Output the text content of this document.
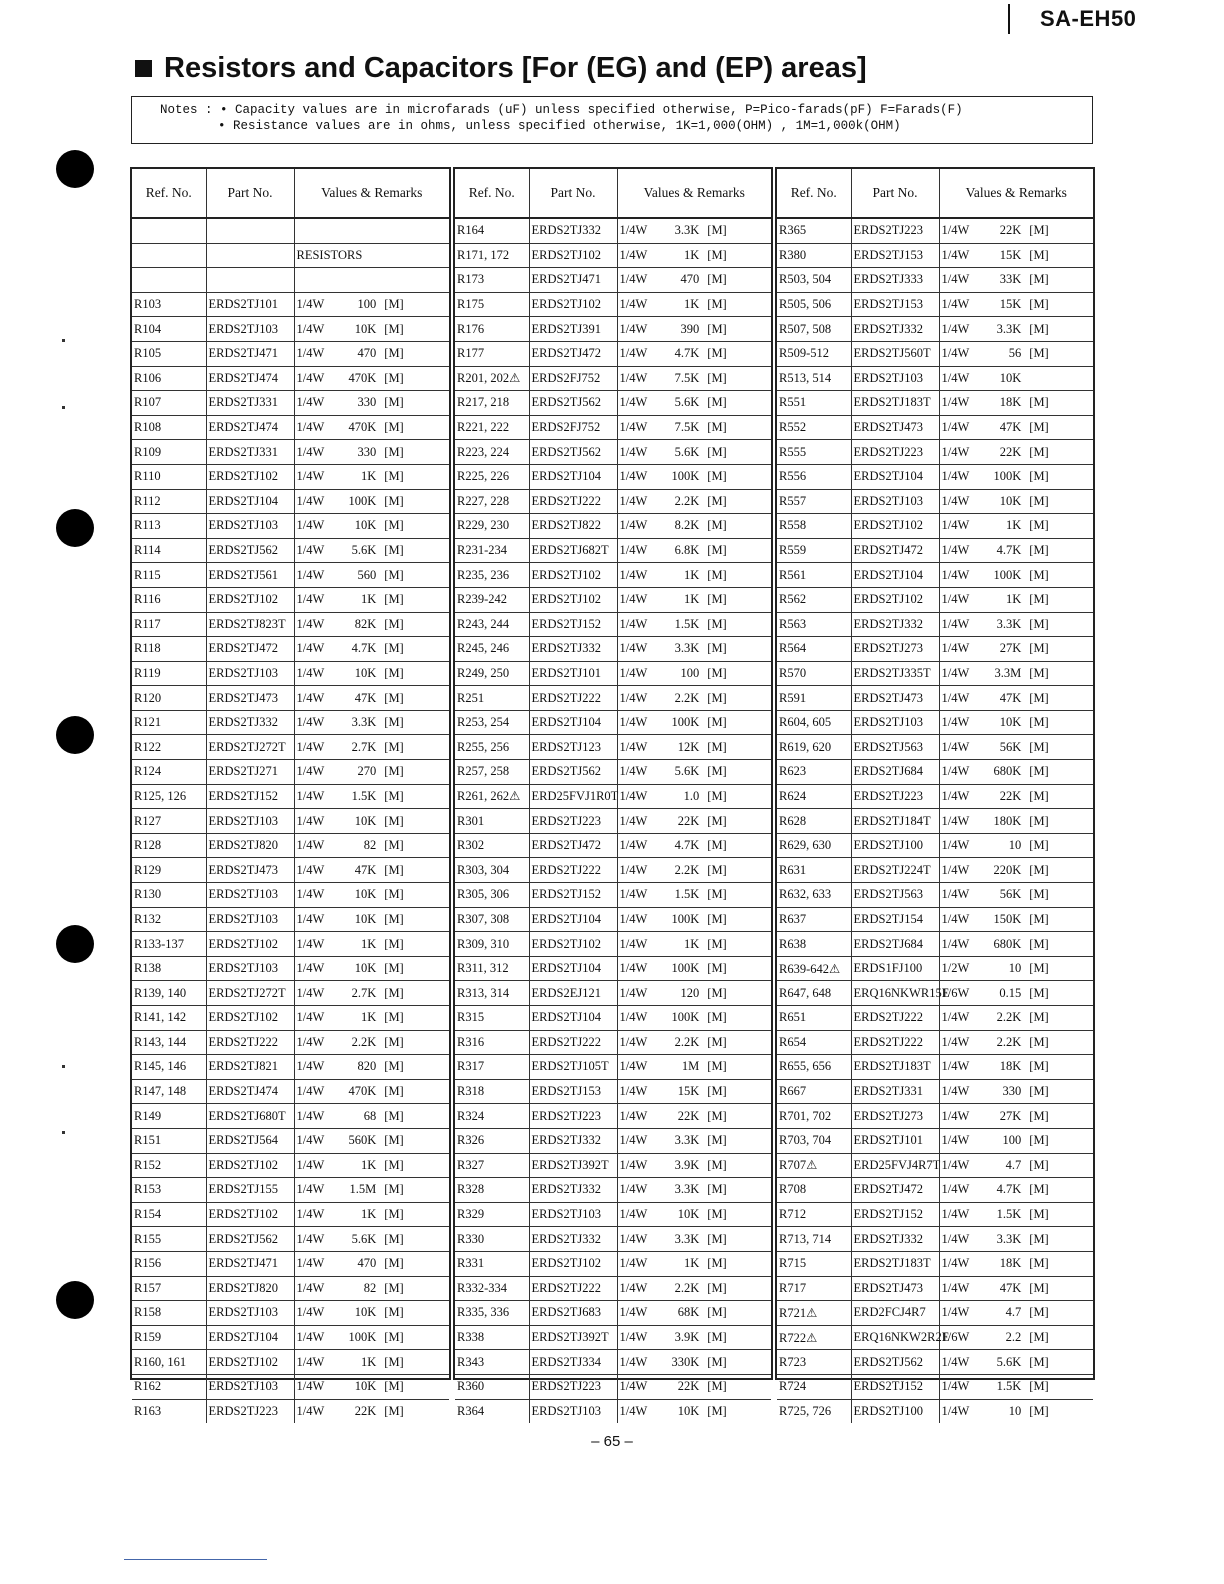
SA-EH50
Resistors and Capacitors [For (EG) and (EP) areas]
Notes : • Capacity values are in microfarads (uF) unless specified otherwise, P=Pico-farads(pF) F=Farads(F)
• Resistance values are in ohms, unless specified otherwise, 1K=1,000(OHM) , 1M=1,000k(OHM)
Ref. No.	Part No.	Values & Remarks

		RESISTORS

R103	ERDS2TJ101	1/4W 100 [M]
R104	ERDS2TJ103	1/4W 10K [M]
R105	ERDS2TJ471	1/4W 470 [M]
R106	ERDS2TJ474	1/4W 470K [M]
R107	ERDS2TJ331	1/4W 330 [M]
R108	ERDS2TJ474	1/4W 470K [M]
R109	ERDS2TJ331	1/4W 330 [M]
R110	ERDS2TJ102	1/4W 1K [M]
R112	ERDS2TJ104	1/4W 100K [M]
R113	ERDS2TJ103	1/4W 10K [M]
R114	ERDS2TJ562	1/4W 5.6K [M]
R115	ERDS2TJ561	1/4W 560 [M]
R116	ERDS2TJ102	1/4W 1K [M]
R117	ERDS2TJ823T	1/4W 82K [M]
R118	ERDS2TJ472	1/4W 4.7K [M]
R119	ERDS2TJ103	1/4W 10K [M]
R120	ERDS2TJ473	1/4W 47K [M]
R121	ERDS2TJ332	1/4W 3.3K [M]
R122	ERDS2TJ272T	1/4W 2.7K [M]
R124	ERDS2TJ271	1/4W 270 [M]
R125, 126	ERDS2TJ152	1/4W 1.5K [M]
R127	ERDS2TJ103	1/4W 10K [M]
R128	ERDS2TJ820	1/4W 82 [M]
R129	ERDS2TJ473	1/4W 47K [M]
R130	ERDS2TJ103	1/4W 10K [M]
R132	ERDS2TJ103	1/4W 10K [M]
R133-137	ERDS2TJ102	1/4W 1K [M]
R138	ERDS2TJ103	1/4W 10K [M]
R139, 140	ERDS2TJ272T	1/4W 2.7K [M]
R141, 142	ERDS2TJ102	1/4W 1K [M]
R143, 144	ERDS2TJ222	1/4W 2.2K [M]
R145, 146	ERDS2TJ821	1/4W 820 [M]
R147, 148	ERDS2TJ474	1/4W 470K [M]
R149	ERDS2TJ680T	1/4W 68 [M]
R151	ERDS2TJ564	1/4W 560K [M]
R152	ERDS2TJ102	1/4W 1K [M]
R153	ERDS2TJ155	1/4W 1.5M [M]
R154	ERDS2TJ102	1/4W 1K [M]
R155	ERDS2TJ562	1/4W 5.6K [M]
R156	ERDS2TJ471	1/4W 470 [M]
R157	ERDS2TJ820	1/4W 82 [M]
R158	ERDS2TJ103	1/4W 10K [M]
R159	ERDS2TJ104	1/4W 100K [M]
R160, 161	ERDS2TJ102	1/4W 1K [M]
R162	ERDS2TJ103	1/4W 10K [M]
R163	ERDS2TJ223	1/4W 22K [M]
Ref. No.	Part No.	Values & Remarks
R164	ERDS2TJ332	1/4W 3.3K [M]
R171, 172	ERDS2TJ102	1/4W 1K [M]
R173	ERDS2TJ471	1/4W 470 [M]
R175	ERDS2TJ102	1/4W 1K [M]
R176	ERDS2TJ391	1/4W 390 [M]
R177	ERDS2TJ472	1/4W 4.7K [M]
R201, 202⚠	ERDS2FJ752	1/4W 7.5K [M]
R217, 218	ERDS2TJ562	1/4W 5.6K [M]
R221, 222	ERDS2FJ752	1/4W 7.5K [M]
R223, 224	ERDS2TJ562	1/4W 5.6K [M]
R225, 226	ERDS2TJ104	1/4W 100K [M]
R227, 228	ERDS2TJ222	1/4W 2.2K [M]
R229, 230	ERDS2TJ822	1/4W 8.2K [M]
R231-234	ERDS2TJ682T	1/4W 6.8K [M]
R235, 236	ERDS2TJ102	1/4W 1K [M]
R239-242	ERDS2TJ102	1/4W 1K [M]
R243, 244	ERDS2TJ152	1/4W 1.5K [M]
R245, 246	ERDS2TJ332	1/4W 3.3K [M]
R249, 250	ERDS2TJ101	1/4W 100 [M]
R251	ERDS2TJ222	1/4W 2.2K [M]
R253, 254	ERDS2TJ104	1/4W 100K [M]
R255, 256	ERDS2TJ123	1/4W 12K [M]
R257, 258	ERDS2TJ562	1/4W 5.6K [M]
R261, 262⚠	ERD25FVJ1R0T	1/4W 1.0 [M]
R301	ERDS2TJ223	1/4W 22K [M]
R302	ERDS2TJ472	1/4W 4.7K [M]
R303, 304	ERDS2TJ222	1/4W 2.2K [M]
R305, 306	ERDS2TJ152	1/4W 1.5K [M]
R307, 308	ERDS2TJ104	1/4W 100K [M]
R309, 310	ERDS2TJ102	1/4W 1K [M]
R311, 312	ERDS2TJ104	1/4W 100K [M]
R313, 314	ERDS2EJ121	1/4W 120 [M]
R315	ERDS2TJ104	1/4W 100K [M]
R316	ERDS2TJ222	1/4W 2.2K [M]
R317	ERDS2TJ105T	1/4W 1M [M]
R318	ERDS2TJ153	1/4W 15K [M]
R324	ERDS2TJ223	1/4W 22K [M]
R326	ERDS2TJ332	1/4W 3.3K [M]
R327	ERDS2TJ392T	1/4W 3.9K [M]
R328	ERDS2TJ332	1/4W 3.3K [M]
R329	ERDS2TJ103	1/4W 10K [M]
R330	ERDS2TJ332	1/4W 3.3K [M]
R331	ERDS2TJ102	1/4W 1K [M]
R332-334	ERDS2TJ222	1/4W 2.2K [M]
R335, 336	ERDS2TJ683	1/4W 68K [M]
R338	ERDS2TJ392T	1/4W 3.9K [M]
R343	ERDS2TJ334	1/4W 330K [M]
R360	ERDS2TJ223	1/4W 22K [M]
R364	ERDS2TJ103	1/4W 10K [M]
Ref. No.	Part No.	Values & Remarks
R365	ERDS2TJ223	1/4W 22K [M]
R380	ERDS2TJ153	1/4W 15K [M]
R503, 504	ERDS2TJ333	1/4W 33K [M]
R505, 506	ERDS2TJ153	1/4W 15K [M]
R507, 508	ERDS2TJ332	1/4W 3.3K [M]
R509-512	ERDS2TJ560T	1/4W 56 [M]
R513, 514	ERDS2TJ103	1/4W 10K
R551	ERDS2TJ183T	1/4W 18K [M]
R552	ERDS2TJ473	1/4W 47K [M]
R555	ERDS2TJ223	1/4W 22K [M]
R556	ERDS2TJ104	1/4W 100K [M]
R557	ERDS2TJ103	1/4W 10K [M]
R558	ERDS2TJ102	1/4W 1K [M]
R559	ERDS2TJ472	1/4W 4.7K [M]
R561	ERDS2TJ104	1/4W 100K [M]
R562	ERDS2TJ102	1/4W 1K [M]
R563	ERDS2TJ332	1/4W 3.3K [M]
R564	ERDS2TJ273	1/4W 27K [M]
R570	ERDS2TJ335T	1/4W 3.3M [M]
R591	ERDS2TJ473	1/4W 47K [M]
R604, 605	ERDS2TJ103	1/4W 10K [M]
R619, 620	ERDS2TJ563	1/4W 56K [M]
R623	ERDS2TJ684	1/4W 680K [M]
R624	ERDS2TJ223	1/4W 22K [M]
R628	ERDS2TJ184T	1/4W 180K [M]
R629, 630	ERDS2TJ100	1/4W 10 [M]
R631	ERDS2TJ224T	1/4W 220K [M]
R632, 633	ERDS2TJ563	1/4W 56K [M]
R637	ERDS2TJ154	1/4W 150K [M]
R638	ERDS2TJ684	1/4W 680K [M]
R639-642⚠	ERDS1FJ100	1/2W 10 [M]
R647, 648	ERQ16NKWR15E	1/6W 0.15 [M]
R651	ERDS2TJ222	1/4W 2.2K [M]
R654	ERDS2TJ222	1/4W 2.2K [M]
R655, 656	ERDS2TJ183T	1/4W 18K [M]
R667	ERDS2TJ331	1/4W 330 [M]
R701, 702	ERDS2TJ273	1/4W 27K [M]
R703, 704	ERDS2TJ101	1/4W 100 [M]
R707⚠	ERD25FVJ4R7T	1/4W 4.7 [M]
R708	ERDS2TJ472	1/4W 4.7K [M]
R712	ERDS2TJ152	1/4W 1.5K [M]
R713, 714	ERDS2TJ332	1/4W 3.3K [M]
R715	ERDS2TJ183T	1/4W 18K [M]
R717	ERDS2TJ473	1/4W 47K [M]
R721⚠	ERD2FCJ4R7	1/4W 4.7 [M]
R722⚠	ERQ16NKW2R2E	1/6W 2.2 [M]
R723	ERDS2TJ562	1/4W 5.6K [M]
R724	ERDS2TJ152	1/4W 1.5K [M]
R725, 726	ERDS2TJ100	1/4W 10 [M]
– 65 –
